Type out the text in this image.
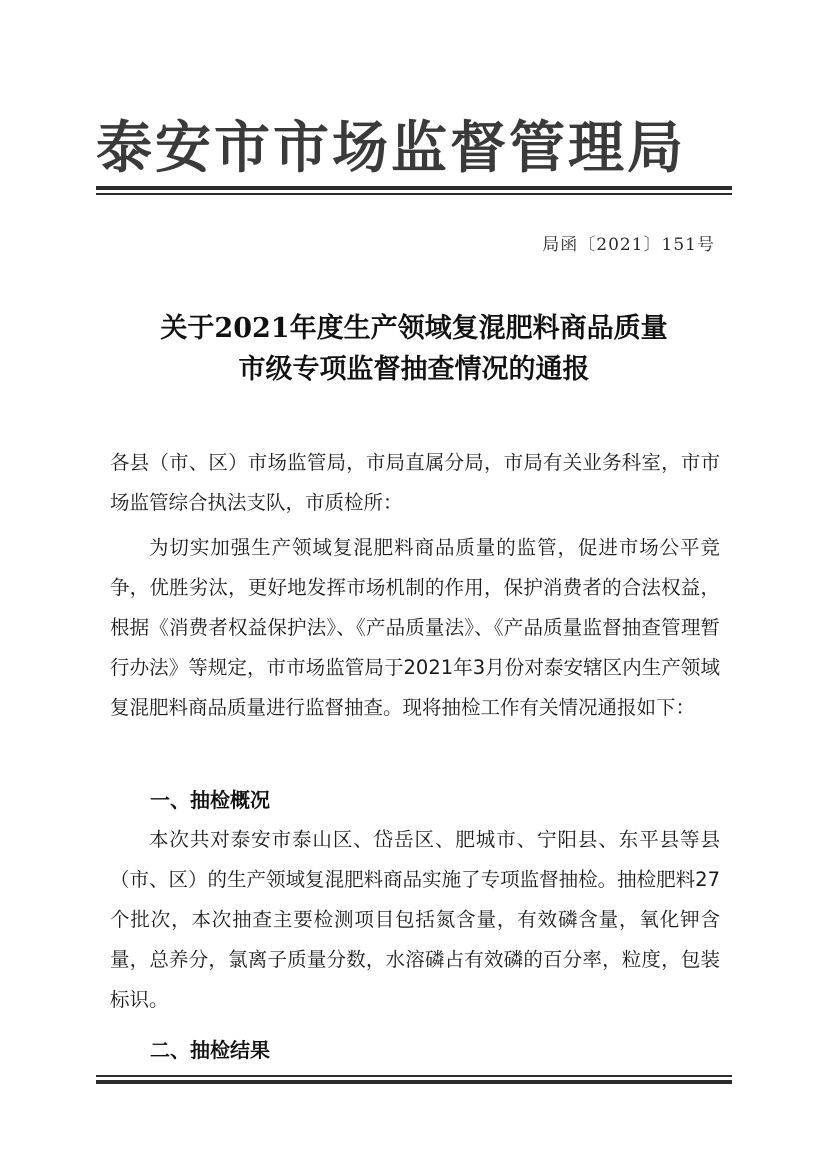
泰安市市场监督管理局
局函〔2021〕151号
关于2021年度生产领域复混肥料商品质量
市级专项监督抽查情况的通报
各县（市、区）市场监管局，市局直属分局，市局有关业务科室，市市场监管综合执法支队，市质检所：
为切实加强生产领域复混肥料商品质量的监管，促进市场公平竞争，优胜劣汰，更好地发挥市场机制的作用，保护消费者的合法权益，根据《消费者权益保护法》、《产品质量法》、《产品质量监督抽查管理暂行办法》等规定，市市场监管局于2021年3月份对泰安辖区内生产领域复混肥料商品质量进行监督抽查。现将抽检工作有关情况通报如下：
一、抽检概况
本次共对泰安市泰山区、岱岳区、肥城市、宁阳县、东平县等县（市、区）的生产领域复混肥料商品实施了专项监督抽检。抽检肥料27个批次，本次抽查主要检测项目包括氮含量，有效磷含量，氧化钾含量，总养分，氯离子质量分数，水溶磷占有效磷的百分率，粒度，包装标识。
二、抽检结果
